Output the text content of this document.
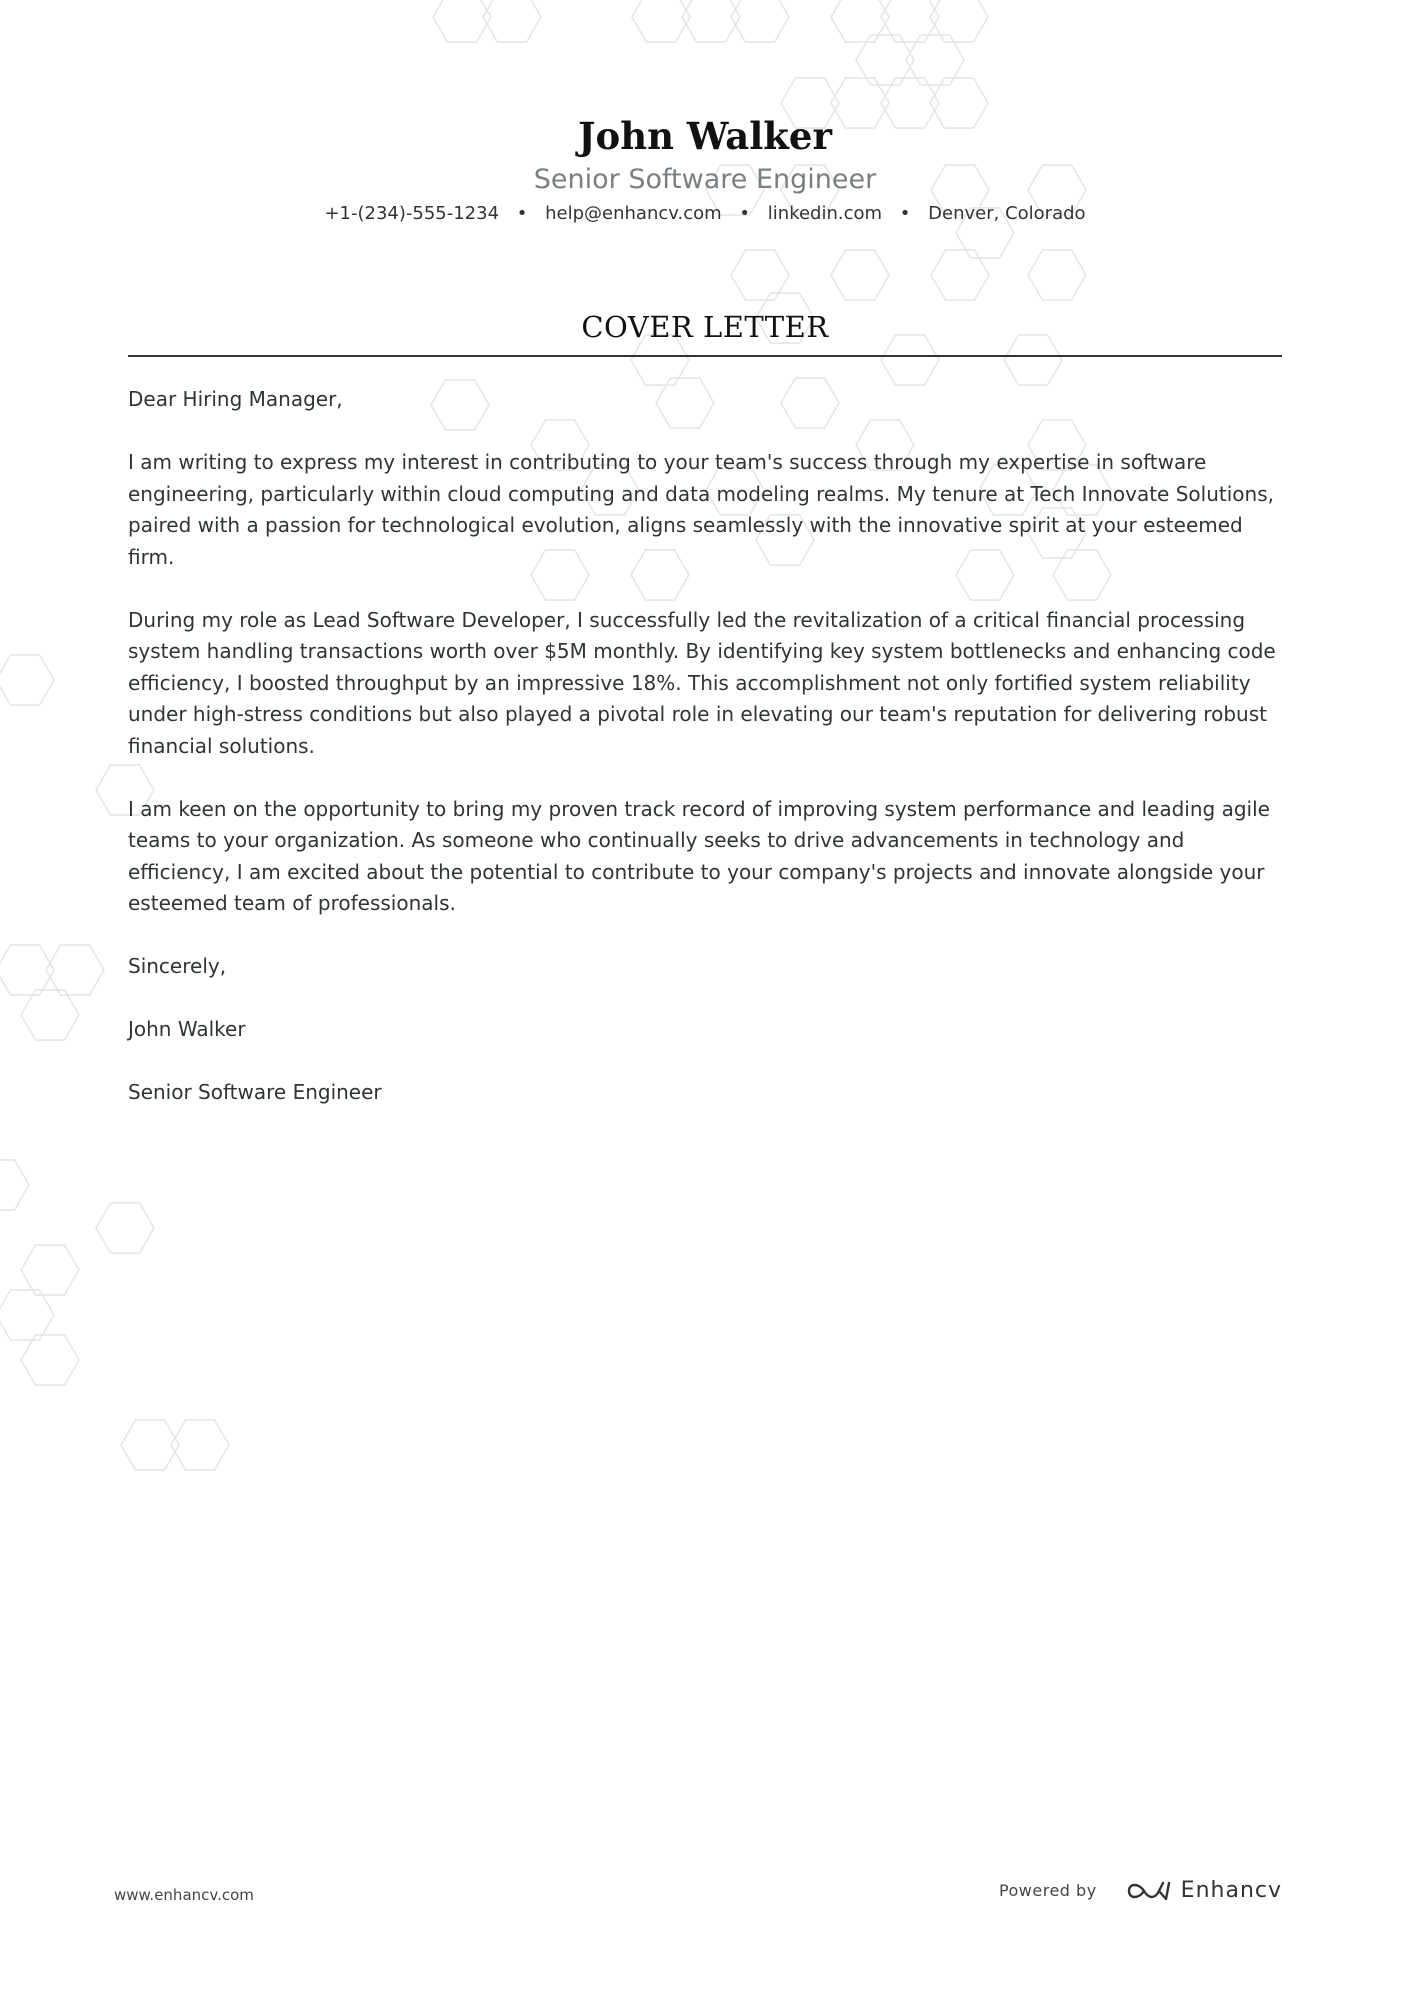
John Walker
Senior Software Engineer
+1-(234)-555-1234 • help@enhancv.com • linkedin.com • Denver, Colorado
COVER LETTER

Dear Hiring Manager,

I am writing to express my interest in contributing to your team's success through my expertise in software engineering, particularly within cloud computing and data modeling realms. My tenure at Tech Innovate Solutions, paired with a passion for technological evolution, aligns seamlessly with the innovative spirit at your esteemed firm.

During my role as Lead Software Developer, I successfully led the revitalization of a critical financial processing system handling transactions worth over $5M monthly. By identifying key system bottlenecks and enhancing code efficiency, I boosted throughput by an impressive 18%. This accomplishment not only fortified system reliability under high-stress conditions but also played a pivotal role in elevating our team's reputation for delivering robust financial solutions.

I am keen on the opportunity to bring my proven track record of improving system performance and leading agile teams to your organization. As someone who continually seeks to drive advancements in technology and efficiency, I am excited about the potential to contribute to your company's projects and innovate alongside your esteemed team of professionals.

Sincerely,

John Walker

Senior Software Engineer

www.enhancv.com	Powered by	Enhancv
